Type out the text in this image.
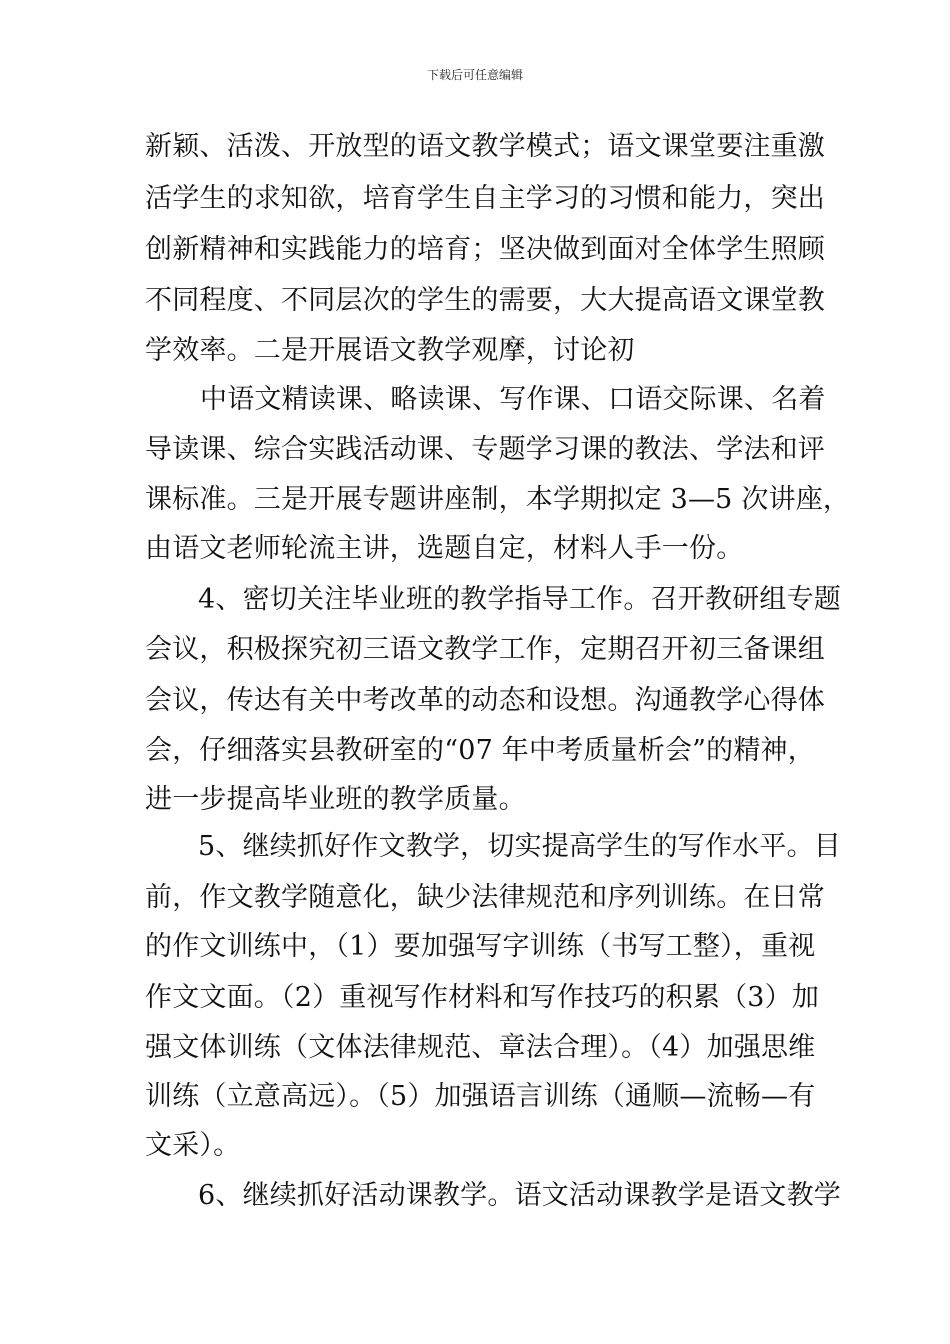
下载后可任意编辑
新颖、活泼、开放型的语文教学模式；语文课堂要注重激
活学生的求知欲，培育学生自主学习的习惯和能力，突出
创新精神和实践能力的培育；坚决做到面对全体学生照顾
不同程度、不同层次的学生的需要，大大提高语文课堂教
学效率。二是开展语文教学观摩，讨论初
中语文精读课、略读课、写作课、口语交际课、名着
导读课、综合实践活动课、专题学习课的教法、学法和评
课标准。三是开展专题讲座制，本学期拟定 3—5 次讲座，
由语文老师轮流主讲，选题自定，材料人手一份。
4、密切关注毕业班的教学指导工作。召开教研组专题
会议，积极探究初三语文教学工作，定期召开初三备课组
会议，传达有关中考改革的动态和设想。沟通教学心得体
会，仔细落实县教研室的“07 年中考质量析会”的精神，
进一步提高毕业班的教学质量。
5、继续抓好作文教学，切实提高学生的写作水平。目
前，作文教学随意化，缺少法律规范和序列训练。在日常
的作文训练中，（1）要加强写字训练（书写工整），重视
作文文面。（2）重视写作材料和写作技巧的积累（3）加
强文体训练（文体法律规范、章法合理）。（4）加强思维
训练（立意高远）。（5）加强语言训练（通顺—流畅—有
文采）。
6、继续抓好活动课教学。语文活动课教学是语文教学
